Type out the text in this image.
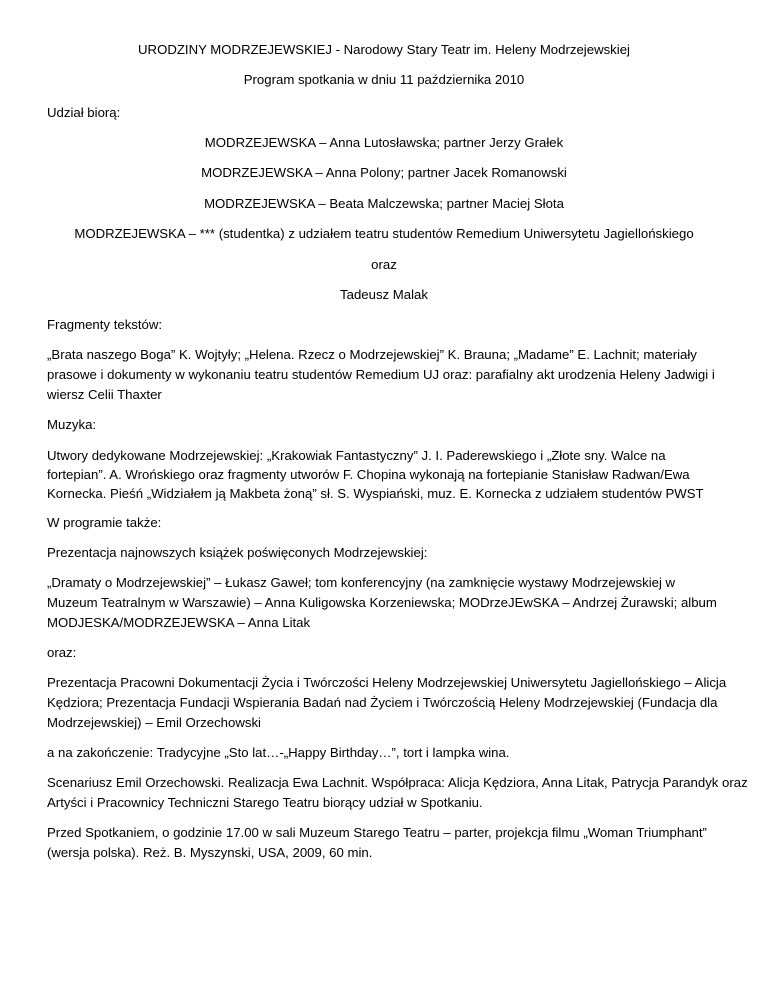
URODZINY MODRZEJEWSKIEJ - Narodowy Stary Teatr im. Heleny Modrzejewskiej
Program spotkania w dniu 11 października 2010
Udział biorą:
MODRZEJEWSKA – Anna Lutosławska; partner Jerzy Grałek
MODRZEJEWSKA – Anna Polony; partner Jacek Romanowski
MODRZEJEWSKA – Beata Malczewska; partner Maciej Słota
MODRZEJEWSKA – *** (studentka) z udziałem teatru studentów Remedium Uniwersytetu Jagiellońskiego
oraz
Tadeusz Malak
Fragmenty tekstów:
„Brata naszego Boga” K. Wojtyły; „Helena. Rzecz o Modrzejewskiej” K. Brauna; „Madame” E. Lachnit; materiały
prasowe i dokumenty w wykonaniu teatru studentów Remedium UJ oraz: parafialny akt urodzenia Heleny Jadwigi i
wiersz Celii Thaxter
Muzyka:
Utwory dedykowane Modrzejewskiej: „Krakowiak Fantastyczny” J. I. Paderewskiego i „Złote sny. Walce na
fortepian”. A. Wrońskiego oraz fragmenty utworów F. Chopina wykonają na fortepianie Stanisław Radwan/Ewa
Kornecka. Pieśń „Widziałem ją Makbeta żoną” sł. S. Wyspiański, muz. E. Kornecka z udziałem studentów PWST
W programie także:
Prezentacja najnowszych książek poświęconych Modrzejewskiej:
„Dramaty o Modrzejewskiej” – Łukasz Gaweł; tom konferencyjny (na zamknięcie wystawy Modrzejewskiej w
Muzeum Teatralnym w Warszawie) – Anna Kuligowska Korzeniewska; MODrzeJEwSKA – Andrzej Żurawski; album
MODJESKA/MODRZEJEWSKA – Anna Litak
oraz:
Prezentacja Pracowni Dokumentacji Życia i Twórczości Heleny Modrzejewskiej Uniwersytetu Jagiellońskiego – Alicja
Kędziora; Prezentacja Fundacji Wspierania Badań nad Życiem i Twórczością Heleny Modrzejewskiej (Fundacja dla
Modrzejewskiej) – Emil Orzechowski
a na zakończenie: Tradycyjne „Sto lat…-„Happy Birthday…”, tort i lampka wina.
Scenariusz Emil Orzechowski. Realizacja Ewa Lachnit. Współpraca: Alicja Kędziora, Anna Litak, Patrycja Parandyk oraz
Artyści i Pracownicy Techniczni Starego Teatru biorący udział w Spotkaniu.
Przed Spotkaniem, o godzinie 17.00 w sali Muzeum Starego Teatru – parter, projekcja filmu „Woman Triumphant”
(wersja polska). Reż. B. Myszynski, USA, 2009, 60 min.
